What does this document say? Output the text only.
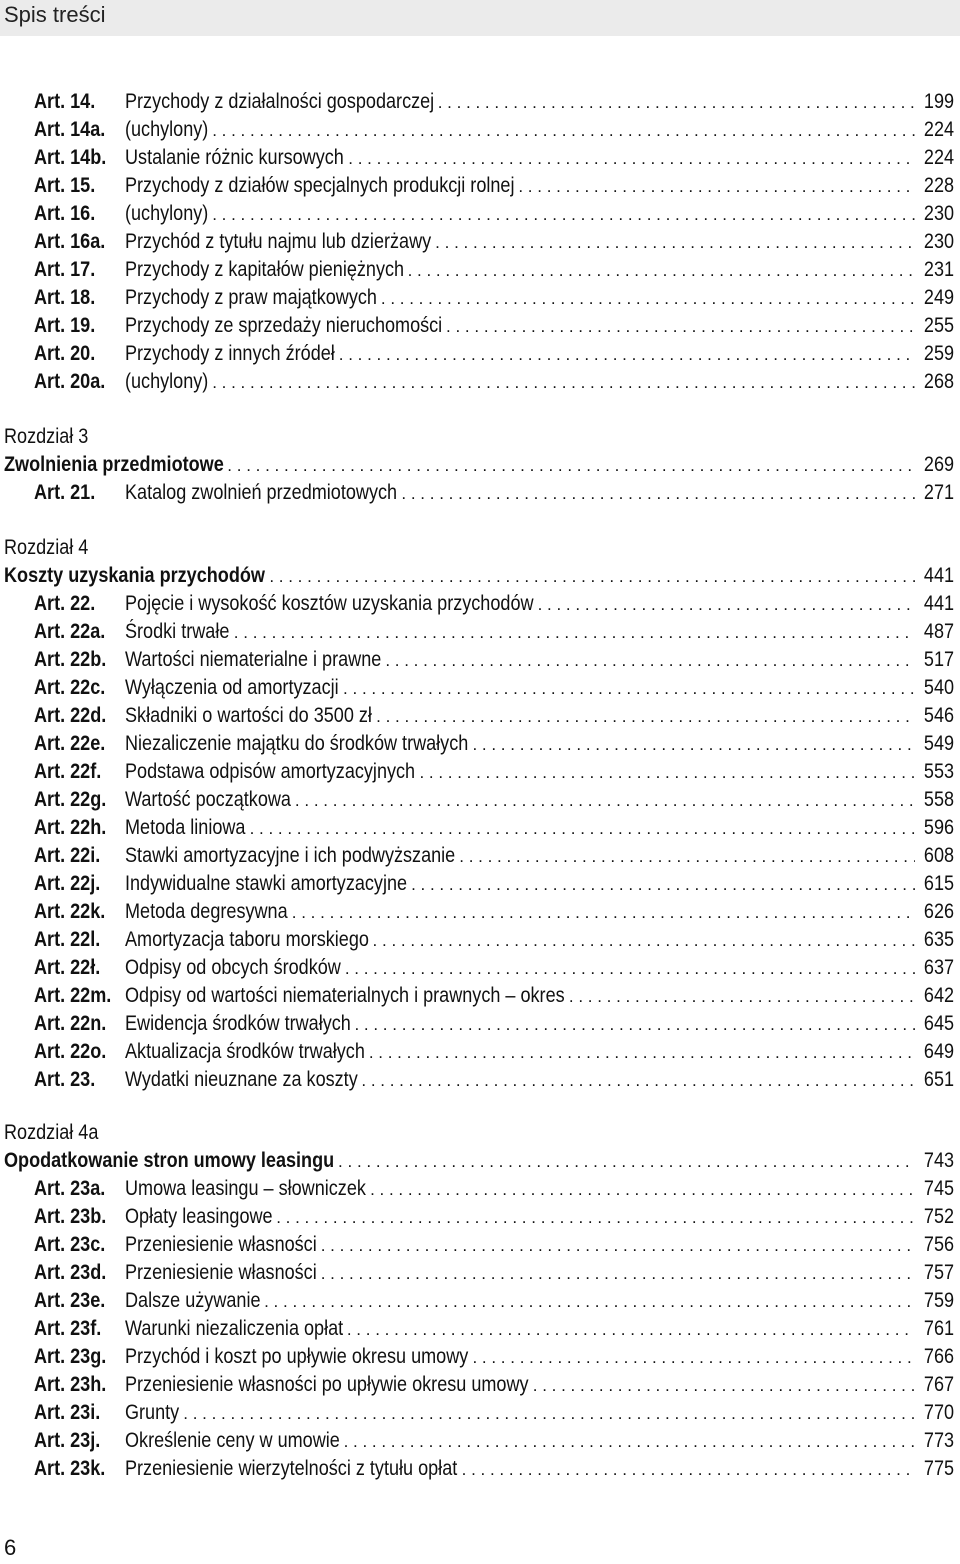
Spis treści
Art. 14. Przychody z działalności gospodarczej . . .	199
Art. 14a. (uchylony) . . .	224
Art. 14b. Ustalanie różnic kursowych . . .	224
Art. 15. Przychody z działów specjalnych produkcji rolnej . . .	228
Art. 16. (uchylony) . . .	230
Art. 16a. Przychód z tytułu najmu lub dzierżawy . . .	230
Art. 17. Przychody z kapitałów pieniężnych . . .	231
Art. 18. Przychody z praw majątkowych . . .	249
Art. 19. Przychody ze sprzedaży nieruchomości . . .	255
Art. 20. Przychody z innych źródeł . . .	259
Art. 20a. (uchylony) . . .	268
Rozdział 3
Zwolnienia przedmiotowe . . .	269
Art. 21. Katalog zwolnień przedmiotowych . . .	271
Rozdział 4
Koszty uzyskania przychodów . . .	441
Art. 22. Pojęcie i wysokość kosztów uzyskania przychodów . . .	441
Art. 22a. Środki trwałe . . .	487
Art. 22b. Wartości niematerialne i prawne . . .	517
Art. 22c. Wyłączenia od amortyzacji . . .	540
Art. 22d. Składniki o wartości do 3500 zł . . .	546
Art. 22e. Niezaliczenie majątku do środków trwałych . . .	549
Art. 22f. Podstawa odpisów amortyzacyjnych . . .	553
Art. 22g. Wartość początkowa . . .	558
Art. 22h. Metoda liniowa . . .	596
Art. 22i. Stawki amortyzacyjne i ich podwyższanie . . .	608
Art. 22j. Indywidualne stawki amortyzacyjne . . .	615
Art. 22k. Metoda degresywna . . .	626
Art. 22l. Amortyzacja taboru morskiego . . .	635
Art. 22ł. Odpisy od obcych środków . . .	637
Art. 22m. Odpisy od wartości niematerialnych i prawnych – okres . . .	642
Art. 22n. Ewidencja środków trwałych . . .	645
Art. 22o. Aktualizacja środków trwałych . . .	649
Art. 23. Wydatki nieuznane za koszty . . .	651
Rozdział 4a
Opodatkowanie stron umowy leasingu . . .	743
Art. 23a. Umowa leasingu – słowniczek . . .	745
Art. 23b. Opłaty leasingowe . . .	752
Art. 23c. Przeniesienie własności . . .	756
Art. 23d. Przeniesienie własności . . .	757
Art. 23e. Dalsze używanie . . .	759
Art. 23f. Warunki niezaliczenia opłat . . .	761
Art. 23g. Przychód i koszt po upływie okresu umowy . . .	766
Art. 23h. Przeniesienie własności po upływie okresu umowy . . .	767
Art. 23i. Grunty . . .	770
Art. 23j. Określenie ceny w umowie . . .	773
Art. 23k. Przeniesienie wierzytelności z tytułu opłat . . .	775
6
